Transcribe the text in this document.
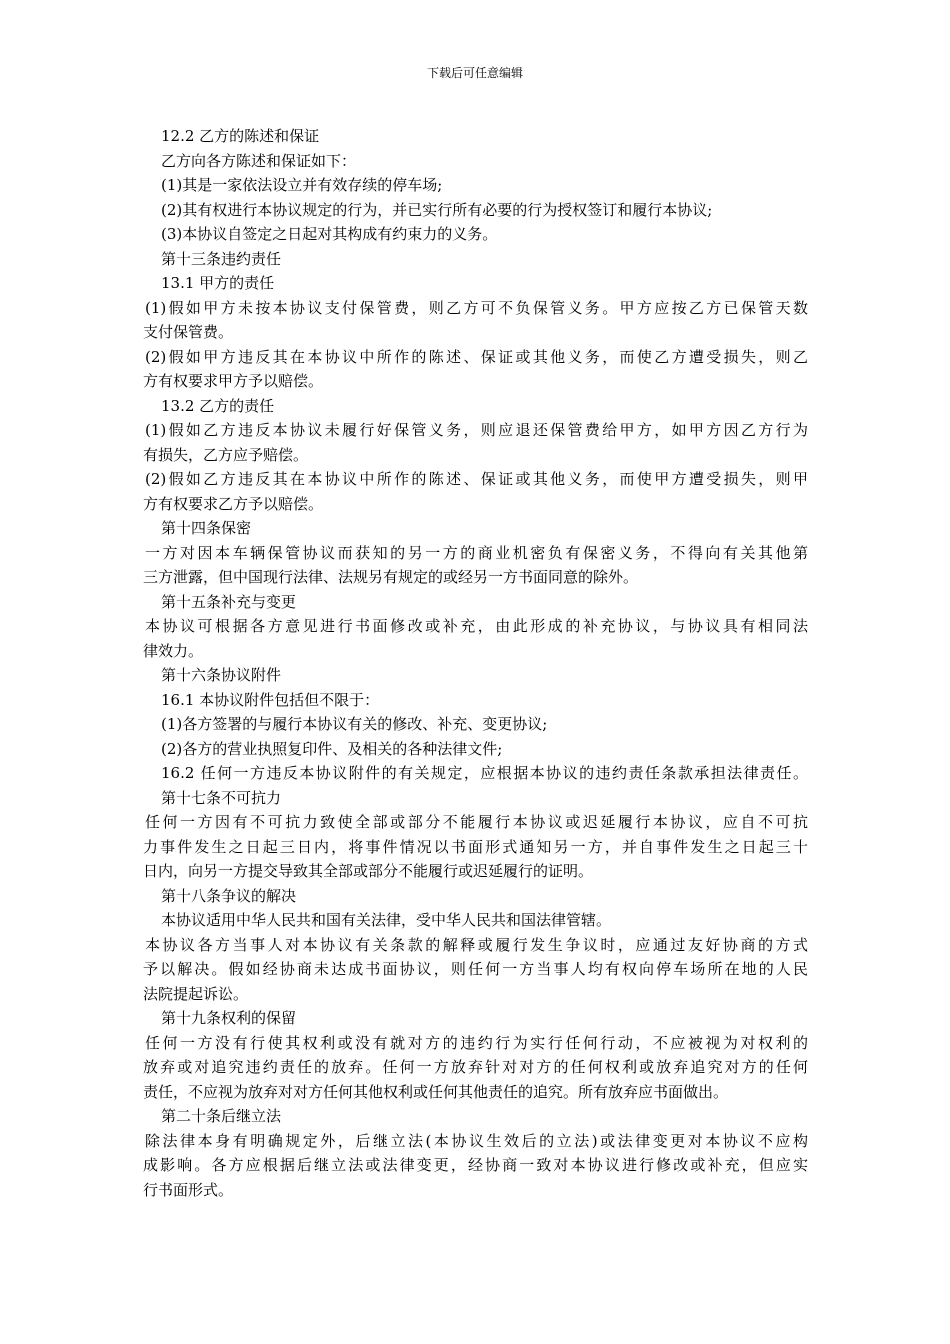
下载后可任意编辑
12.2 乙方的陈述和保证
乙方向各方陈述和保证如下：
(1)其是一家依法设立并有效存续的停车场;
(2)其有权进行本协议规定的行为，并已实行所有必要的行为授权签订和履行本协议;
(3)本协议自签定之日起对其构成有约束力的义务。
第十三条违约责任
13.1 甲方的责任
(1)假如甲方未按本协议支付保管费，则乙方可不负保管义务。甲方应按乙方已保管天数
支付保管费。
(2)假如甲方违反其在本协议中所作的陈述、保证或其他义务，而使乙方遭受损失，则乙
方有权要求甲方予以赔偿。
13.2 乙方的责任
(1)假如乙方违反本协议未履行好保管义务，则应退还保管费给甲方，如甲方因乙方行为
有损失，乙方应予赔偿。
(2)假如乙方违反其在本协议中所作的陈述、保证或其他义务，而使甲方遭受损失，则甲
方有权要求乙方予以赔偿。
第十四条保密
一方对因本车辆保管协议而获知的另一方的商业机密负有保密义务，不得向有关其他第
三方泄露，但中国现行法律、法规另有规定的或经另一方书面同意的除外。
第十五条补充与变更
本协议可根据各方意见进行书面修改或补充，由此形成的补充协议，与协议具有相同法
律效力。
第十六条协议附件
16.1 本协议附件包括但不限于：
(1)各方签署的与履行本协议有关的修改、补充、变更协议;
(2)各方的营业执照复印件、及相关的各种法律文件;
16.2 任何一方违反本协议附件的有关规定，应根据本协议的违约责任条款承担法律责任。
第十七条不可抗力
任何一方因有不可抗力致使全部或部分不能履行本协议或迟延履行本协议，应自不可抗
力事件发生之日起三日内，将事件情况以书面形式通知另一方，并自事件发生之日起三十
日内，向另一方提交导致其全部或部分不能履行或迟延履行的证明。
第十八条争议的解决
本协议适用中华人民共和国有关法律，受中华人民共和国法律管辖。
本协议各方当事人对本协议有关条款的解释或履行发生争议时，应通过友好协商的方式
予以解决。假如经协商未达成书面协议，则任何一方当事人均有权向停车场所在地的人民
法院提起诉讼。
第十九条权利的保留
任何一方没有行使其权利或没有就对方的违约行为实行任何行动，不应被视为对权利的
放弃或对追究违约责任的放弃。任何一方放弃针对对方的任何权利或放弃追究对方的任何
责任，不应视为放弃对对方任何其他权利或任何其他责任的追究。所有放弃应书面做出。
第二十条后继立法
除法律本身有明确规定外，后继立法(本协议生效后的立法)或法律变更对本协议不应构
成影响。各方应根据后继立法或法律变更，经协商一致对本协议进行修改或补充，但应实
行书面形式。
